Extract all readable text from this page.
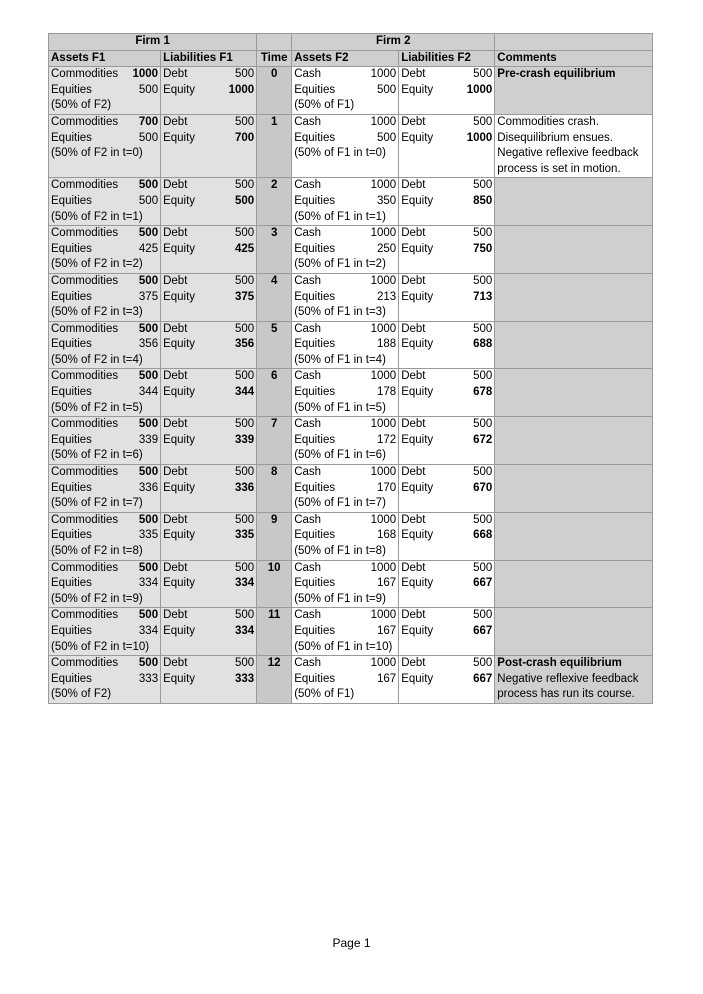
Firm 1					Firm 2				
Assets F1		Liabilities F1		Time	Assets F2		Liabilities F2		Comments
Commodities	1000	Debt	500	0	Cash	1000	Debt	500	Pre-crash equilibrium
Equities	500	Equity	1000		Equities	500	Equity	1000	
(50% of F2)					(50% of F1)				
Commodities	700	Debt	500	1	Cash	1000	Debt	500	Commodities crash.
Equities	500	Equity	700		Equities	500	Equity	1000	Disequilibrium ensues.
(50% of F2 in t=0)					(50% of F1 in t=0)				Negative reflexive feedback
									process is set in motion.
Commodities	500	Debt	500	2	Cash	1000	Debt	500	
Equities	500	Equity	500		Equities	350	Equity	850	
(50% of F2 in t=1)					(50% of F1 in t=1)				
Commodities	500	Debt	500	3	Cash	1000	Debt	500	
Equities	425	Equity	425		Equities	250	Equity	750	
(50% of F2 in t=2)					(50% of F1 in t=2)				
Commodities	500	Debt	500	4	Cash	1000	Debt	500	
Equities	375	Equity	375		Equities	213	Equity	713	
(50% of F2 in t=3)					(50% of F1 in t=3)				
Commodities	500	Debt	500	5	Cash	1000	Debt	500	
Equities	356	Equity	356		Equities	188	Equity	688	
(50% of F2 in t=4)					(50% of F1 in t=4)				
Commodities	500	Debt	500	6	Cash	1000	Debt	500	
Equities	344	Equity	344		Equities	178	Equity	678	
(50% of F2 in t=5)					(50% of F1 in t=5)				
Commodities	500	Debt	500	7	Cash	1000	Debt	500	
Equities	339	Equity	339		Equities	172	Equity	672	
(50% of F2 in t=6)					(50% of F1 in t=6)				
Commodities	500	Debt	500	8	Cash	1000	Debt	500	
Equities	336	Equity	336		Equities	170	Equity	670	
(50% of F2 in t=7)					(50% of F1 in t=7)				
Commodities	500	Debt	500	9	Cash	1000	Debt	500	
Equities	335	Equity	335		Equities	168	Equity	668	
(50% of F2 in t=8)					(50% of F1 in t=8)				
Commodities	500	Debt	500	10	Cash	1000	Debt	500	
Equities	334	Equity	334		Equities	167	Equity	667	
(50% of F2 in t=9)					(50% of F1 in t=9)				
Commodities	500	Debt	500	11	Cash	1000	Debt	500	
Equities	334	Equity	334		Equities	167	Equity	667	
(50% of F2 in t=10)					(50% of F1 in t=10)				
Commodities	500	Debt	500	12	Cash	1000	Debt	500	Post-crash equilibrium
Equities	333	Equity	333		Equities	167	Equity	667	Negative reflexive feedback
(50% of F2)					(50% of F1)				process has run its course.
Page 1
